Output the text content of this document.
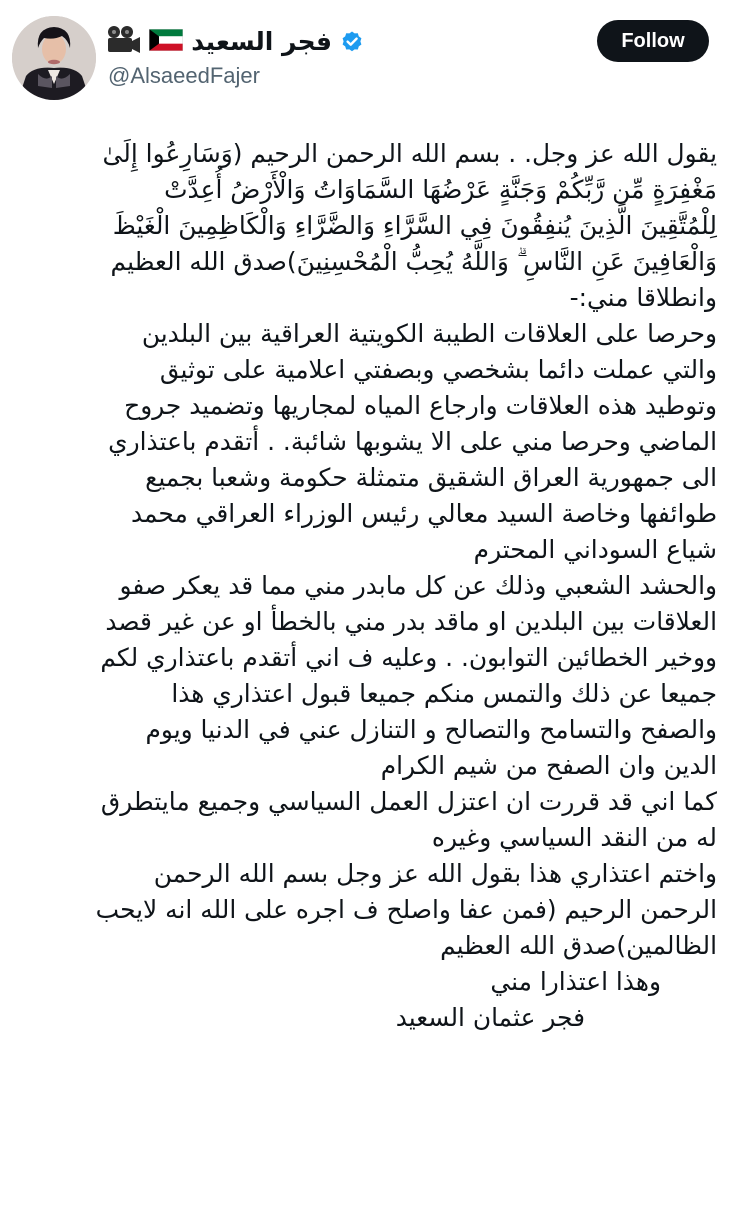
فجر السعيد
@AlsaeedFajer
Follow
يقول الله عز وجل. . بسم الله الرحمن الرحيم (وَسَارِعُوا إِلَىٰ
مَغْفِرَةٍ مِّن رَّبِّكُمْ وَجَنَّةٍ عَرْضُهَا السَّمَاوَاتُ وَالْأَرْضُ أُعِدَّتْ
لِلْمُتَّقِينَ الَّذِينَ يُنفِقُونَ فِي السَّرَّاءِ وَالضَّرَّاءِ وَالْكَاظِمِينَ الْغَيْظَ
وَالْعَافِينَ عَنِ النَّاسِ ۗ وَاللَّهُ يُحِبُّ الْمُحْسِنِينَ)صدق الله العظيم
وانطلاقا مني:-
وحرصا على العلاقات الطيبة الكويتية العراقية بين البلدين
والتي عملت دائما بشخصي وبصفتي اعلامية على توثيق
وتوطيد هذه العلاقات وارجاع المياه لمجاريها وتضميد جروح
الماضي وحرصا مني على الا يشوبها شائبة. . أتقدم باعتذاري
الى جمهورية العراق الشقيق متمثلة حكومة وشعبا بجميع
طوائفها وخاصة السيد معالي رئيس الوزراء العراقي محمد
شياع السوداني المحترم
والحشد الشعبي وذلك عن كل مابدر مني مما قد يعكر صفو
العلاقات بين البلدين او ماقد بدر مني بالخطأ او عن غير قصد
ووخير الخطائين التوابون. . وعليه ف اني أتقدم باعتذاري لكم
جميعا عن ذلك والتمس منكم جميعا قبول اعتذاري هذا
والصفح والتسامح والتصالح و التنازل عني في الدنيا ويوم
الدين وان الصفح من شيم الكرام
كما اني قد قررت ان اعتزل العمل السياسي وجميع مايتطرق
له من النقد السياسي وغيره
واختم اعتذاري هذا بقول الله عز وجل بسم الله الرحمن
الرحمن الرحيم (فمن عفا واصلح ف اجره على الله انه لايحب
الظالمين)صدق الله العظيم
وهذا اعتذارا مني
فجر عثمان السعيد
